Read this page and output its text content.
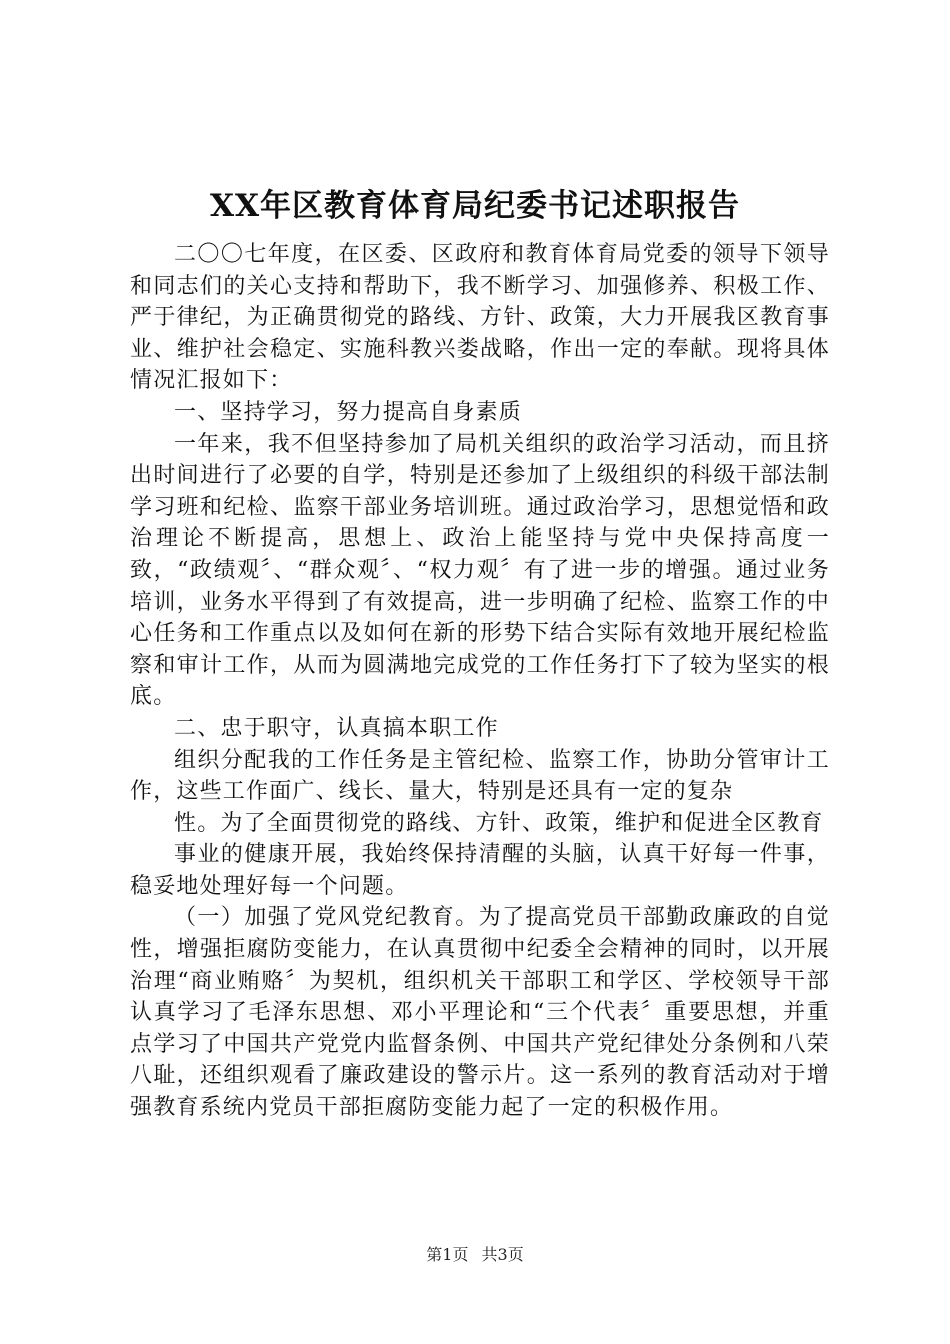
XX年区教育体育局纪委书记述职报告

二〇〇七年度，在区委、区政府和教育体育局党委的领导下领导和同志们的关心支持和帮助下，我不断学习、加强修养、积极工作、严于律纪，为正确贯彻党的路线、方针、政策，大力开展我区教育事业、维护社会稳定、实施科教兴娄战略，作出一定的奉献。现将具体情况汇报如下：

一、坚持学习，努力提高自身素质

一年来，我不但坚持参加了局机关组织的政治学习活动，而且挤出时间进行了必要的自学，特别是还参加了上级组织的科级干部法制学习班和纪检、监察干部业务培训班。通过政治学习，思想觉悟和政治理论不断提高，思想上、政治上能坚持与党中央保持高度一致，“政绩观〞、“群众观〞、“权力观〞有了进一步的增强。通过业务培训，业务水平得到了有效提高，进一步明确了纪检、监察工作的中心任务和工作重点以及如何在新的形势下结合实际有效地开展纪检监察和审计工作，从而为圆满地完成党的工作任务打下了较为坚实的根底。

二、忠于职守，认真搞本职工作

组织分配我的工作任务是主管纪检、监察工作，协助分管审计工作，这些工作面广、线长、量大，特别是还具有一定的复杂

性。为了全面贯彻党的路线、方针、政策，维护和促进全区教育

事业的健康开展，我始终保持清醒的头脑，认真干好每一件事，稳妥地处理好每一个问题。

（一）加强了党风党纪教育。为了提高党员干部勤政廉政的自觉性，增强拒腐防变能力，在认真贯彻中纪委全会精神的同时，以开展治理“商业贿赂〞为契机，组织机关干部职工和学区、学校领导干部认真学习了毛泽东思想、邓小平理论和“三个代表〞重要思想，并重点学习了中国共产党党内监督条例、中国共产党纪律处分条例和八荣八耻，还组织观看了廉政建设的警示片。这一系列的教育活动对于增强教育系统内党员干部拒腐防变能力起了一定的积极作用。

第1页 共3页
